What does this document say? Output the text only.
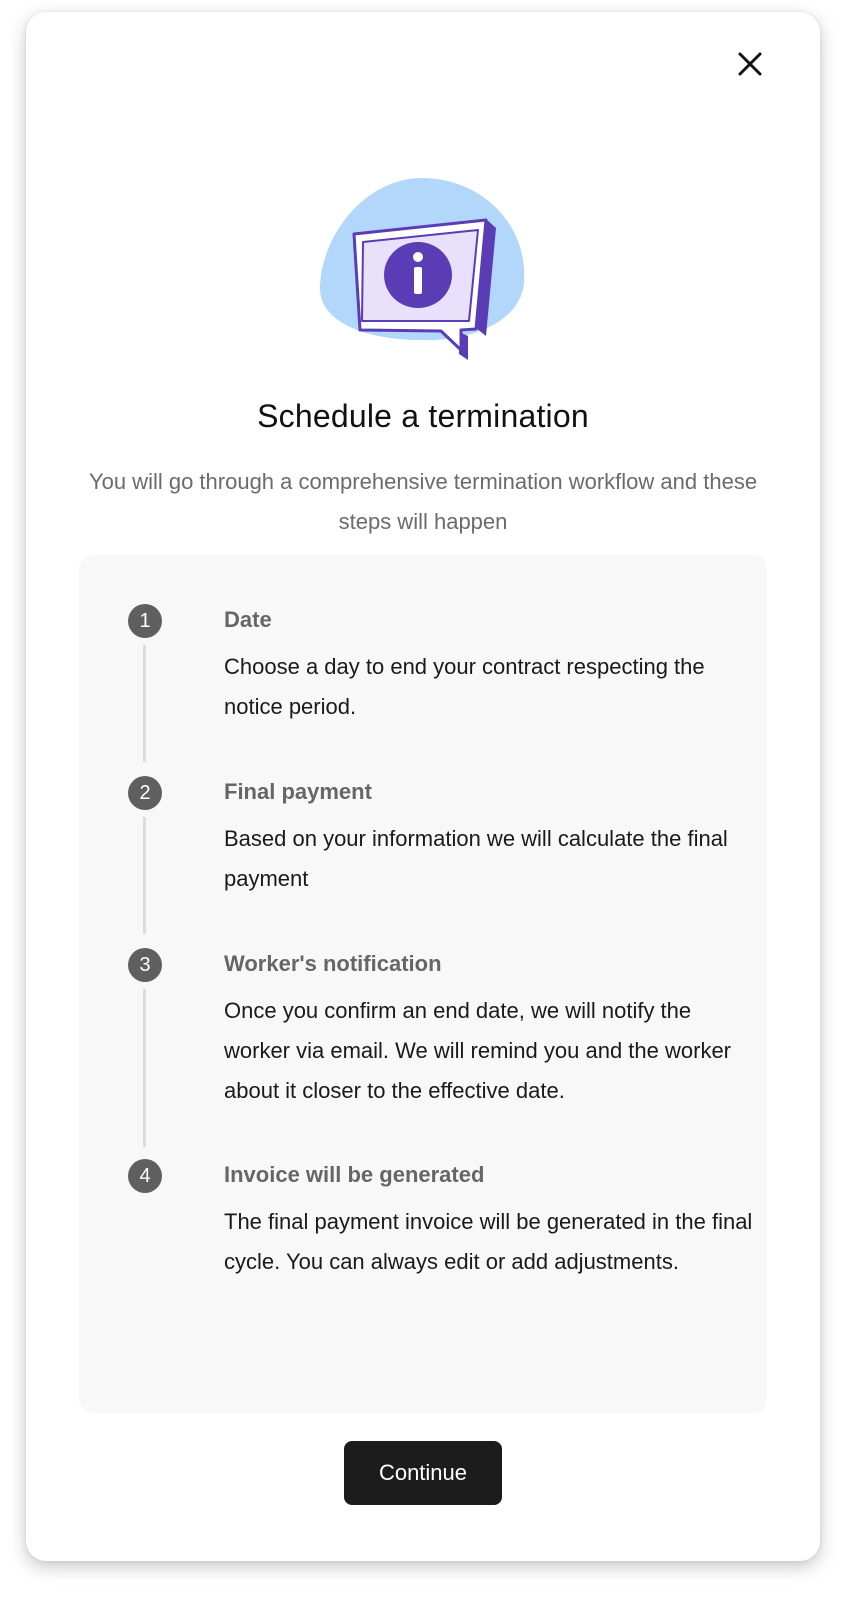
Schedule a termination
You will go through a comprehensive termination workflow and these steps will happen
1	Date
Choose a day to end your contract respecting the notice period.
2	Final payment
Based on your information we will calculate the final payment
3	Worker's notification
Once you confirm an end date, we will notify the worker via email. We will remind you and the worker about it closer to the effective date.
4	Invoice will be generated
The final payment invoice will be generated in the final cycle. You can always edit or add adjustments.
Continue
